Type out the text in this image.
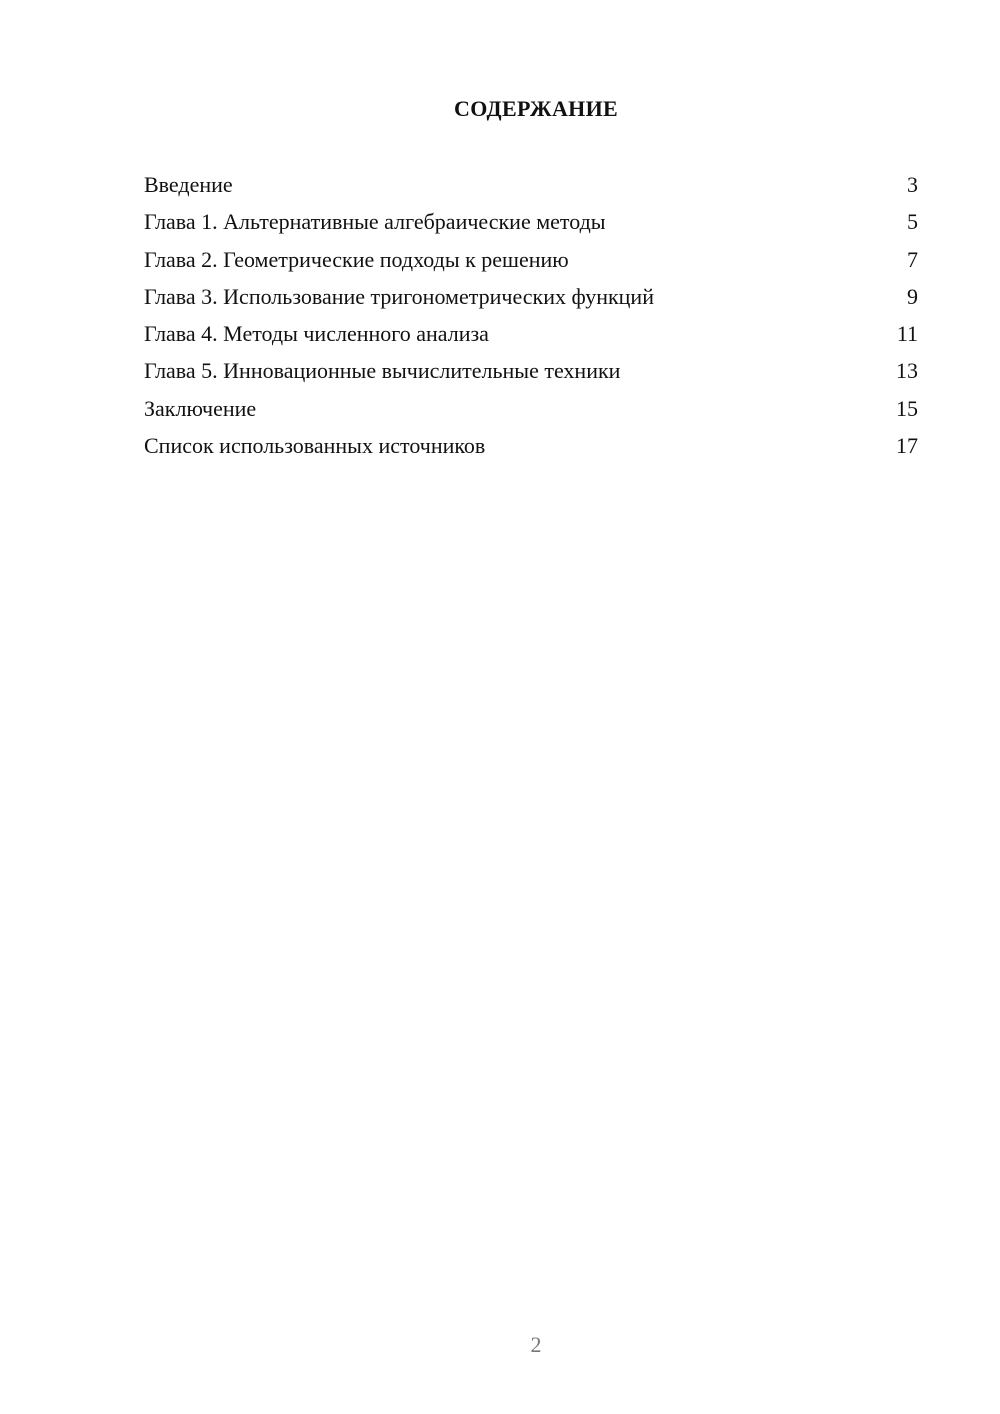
СОДЕРЖАНИЕ
Введение	3
Глава 1. Альтернативные алгебраические методы	5
Глава 2. Геометрические подходы к решению	7
Глава 3. Использование тригонометрических функций	9
Глава 4. Методы численного анализа	11
Глава 5. Инновационные вычислительные техники	13
Заключение	15
Список использованных источников	17
2
